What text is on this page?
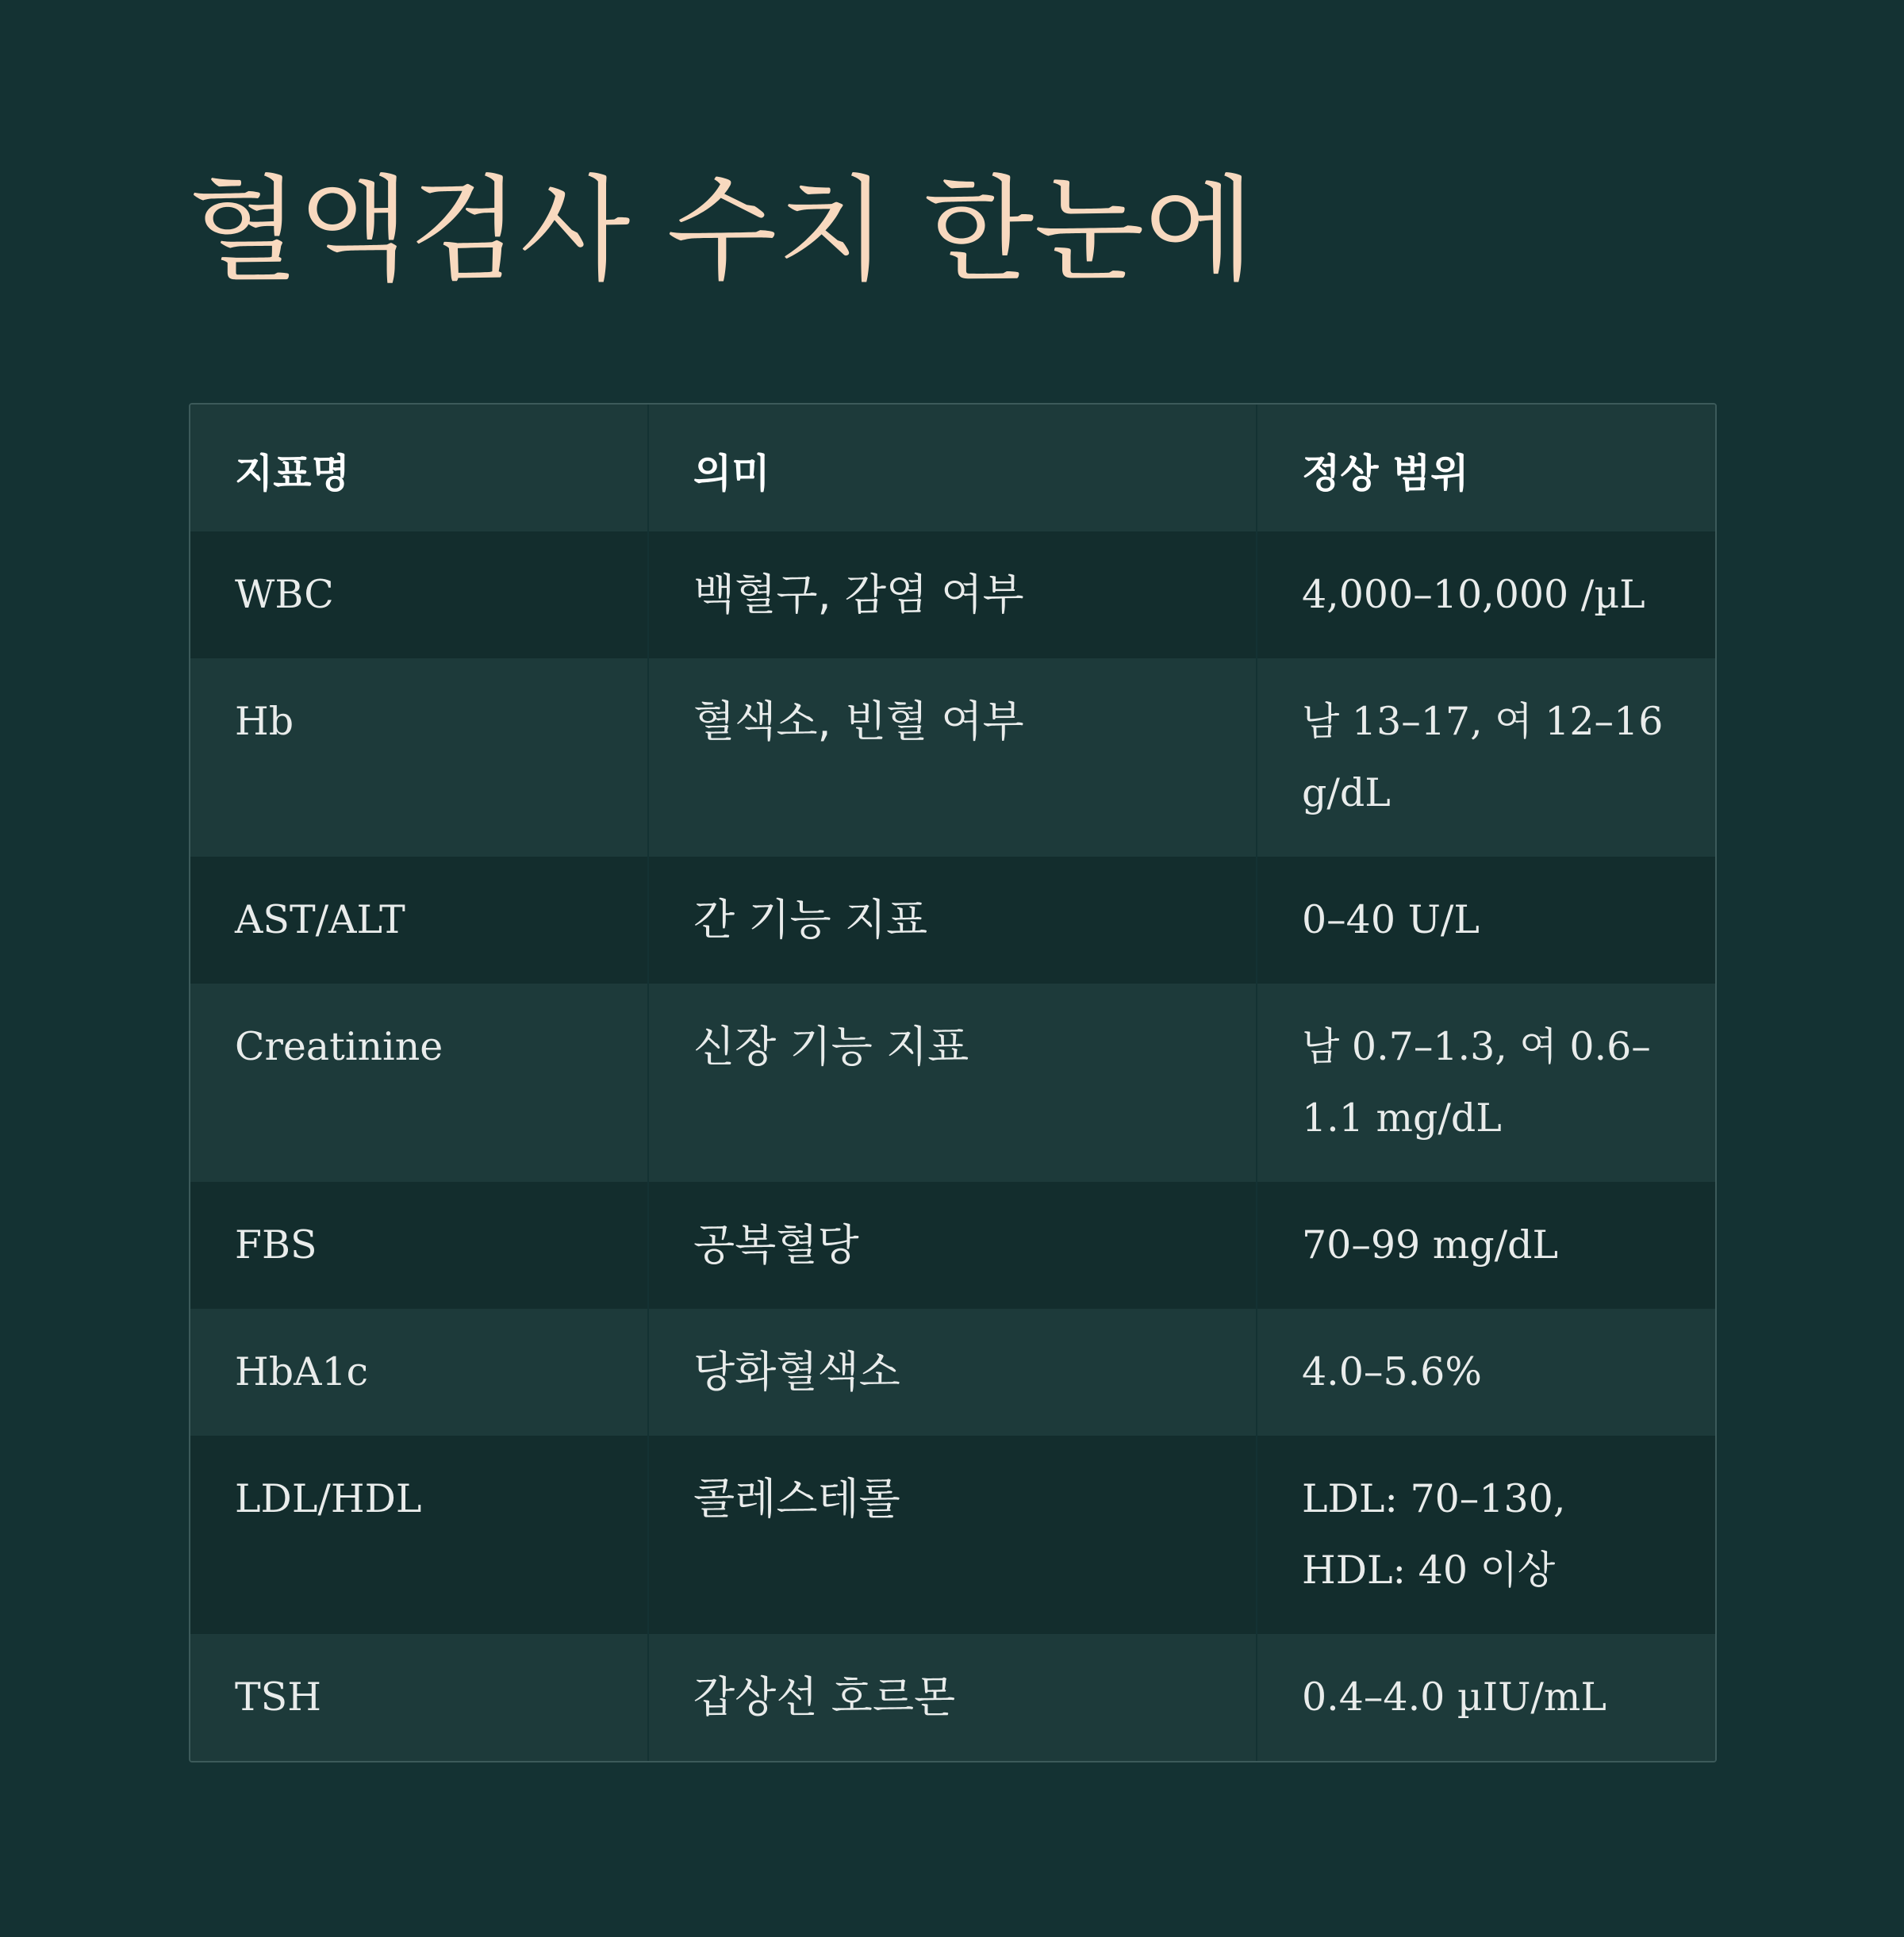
혈액검사 수치 한눈에
지표명	의미	정상 범위
WBC	백혈구, 감염 여부	4,000–10,000 /µL
Hb	혈색소, 빈혈 여부	남 13–17, 여 12–16 g/dL
AST/ALT	간 기능 지표	0–40 U/L
Creatinine	신장 기능 지표	남 0.7–1.3, 여 0.6–1.1 mg/dL
FBS	공복혈당	70–99 mg/dL
HbA1c	당화혈색소	4.0–5.6%
LDL/HDL	콜레스테롤	LDL: 70–130, HDL: 40 이상
TSH	갑상선 호르몬	0.4–4.0 µIU/mL
